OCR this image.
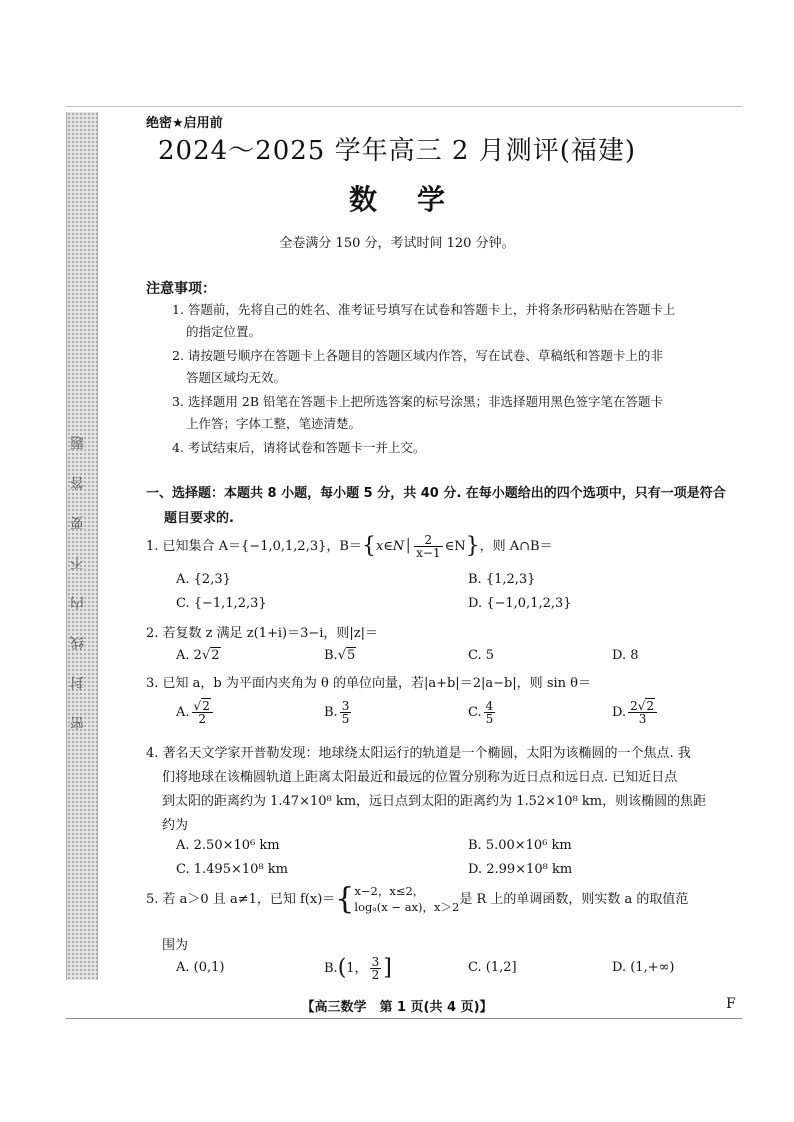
密封线内不要答题
绝密★启用前
2024～2025 学年高三 2 月测评(福建)
数学
全卷满分 150 分，考试时间 120 分钟。
注意事项：
1. 答题前，先将自己的姓名、准考证号填写在试卷和答题卡上，并将条形码粘贴在答题卡上
的指定位置。
2. 请按题号顺序在答题卡上各题目的答题区域内作答，写在试卷、草稿纸和答题卡上的非
答题区域均无效。
3. 选择题用 2B 铅笔在答题卡上把所选答案的标号涂黑；非选择题用黑色签字笔在答题卡
上作答；字体工整，笔迹清楚。
4. 考试结束后，请将试卷和答题卡一并上交。
一、选择题：本题共 8 小题，每小题 5 分，共 40 分. 在每小题给出的四个选项中，只有一项是符合
题目要求的.
1. 已知集合 A＝{−1,0,1,2,3}，B＝{x∈N│ $\frac{2}{x-1}$ ∈N}，则 A∩B＝
A. {2,3}	B. {1,2,3}
C. {−1,1,2,3}	D. {−1,0,1,2,3}
2. 若复数 z 满足 z(1+i)＝3−i，则|z|＝
A. 2√2	B.√5	C. 5	D. 8
3. 已知 a，b 为平面内夹角为 θ 的单位向量，若|a+b|＝2|a−b|，则 sin θ＝
A. $\frac{√2}{2}$	B. $\frac{3}{5}$	C. $\frac{4}{5}$	D. $\frac{2√2}{3}$
4. 著名天文学家开普勒发现：地球绕太阳运行的轨道是一个椭圆，太阳为该椭圆的一个焦点. 我
们将地球在该椭圆轨道上距离太阳最近和最远的位置分别称为近日点和远日点. 已知近日点
到太阳的距离约为 1.47×10⁸ km，远日点到太阳的距离约为 1.52×10⁸ km，则该椭圆的焦距
约为
A. 2.50×10⁶ km	B. 5.00×10⁶ km
C. 1.495×10⁸ km	D. 2.99×10⁸ km
5. 若 a＞0 且 a≠1，已知 f(x)＝{ x−2，x≤2，
logₐ(x − ax)，x＞2 是 R 上的单调函数，则实数 a 的取值范
围为
A. (0,1)	B.(1， $\frac{3}{2}$ ]	C. (1,2]	D. (1,+∞)
【高三数学　第 1 页(共 4 页)】	F
